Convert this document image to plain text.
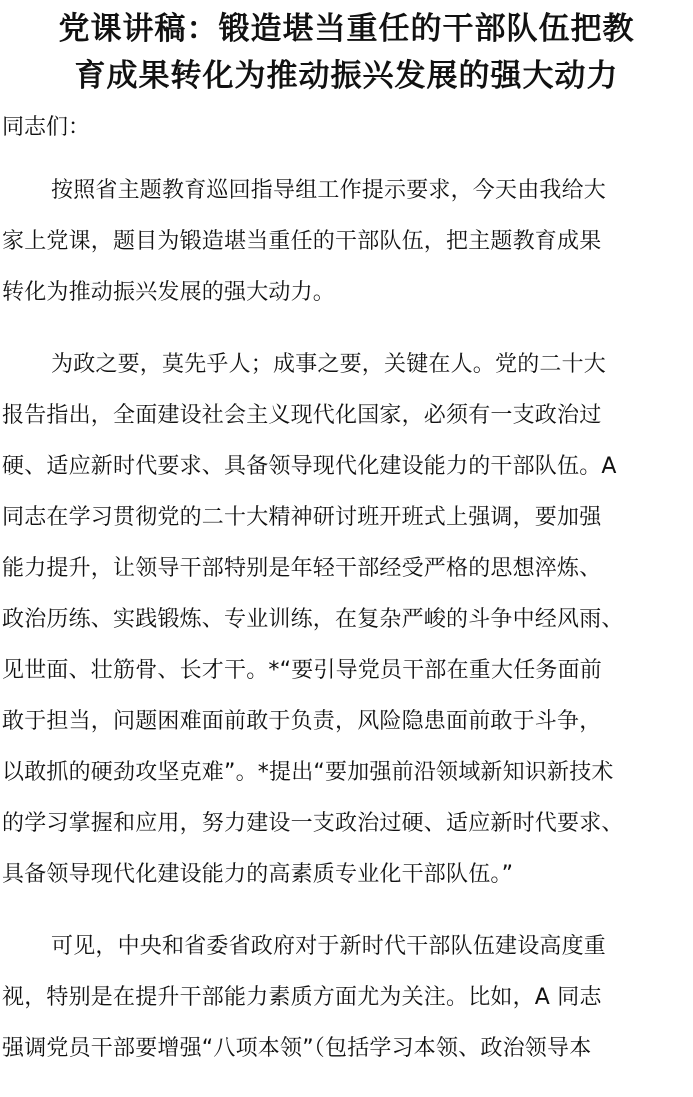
党课讲稿：锻造堪当重任的干部队伍把教
育成果转化为推动振兴发展的强大动力
同志们：
按照省主题教育巡回指导组工作提示要求，今天由我给大
家上党课，题目为锻造堪当重任的干部队伍，把主题教育成果
转化为推动振兴发展的强大动力。
为政之要，莫先乎人；成事之要，关键在人。党的二十大
报告指出，全面建设社会主义现代化国家，必须有一支政治过
硬、适应新时代要求、具备领导现代化建设能力的干部队伍。A
同志在学习贯彻党的二十大精神研讨班开班式上强调，要加强
能力提升，让领导干部特别是年轻干部经受严格的思想淬炼、
政治历练、实践锻炼、专业训练，在复杂严峻的斗争中经风雨、
见世面、壮筋骨、长才干。*“要引导党员干部在重大任务面前
敢于担当，问题困难面前敢于负责，风险隐患面前敢于斗争，
以敢抓的硬劲攻坚克难”。*提出“要加强前沿领域新知识新技术
的学习掌握和应用，努力建设一支政治过硬、适应新时代要求、
具备领导现代化建设能力的高素质专业化干部队伍。”
可见，中央和省委省政府对于新时代干部队伍建设高度重
视，特别是在提升干部能力素质方面尤为关注。比如，A 同志
强调党员干部要增强“八项本领”（包括学习本领、政治领导本
